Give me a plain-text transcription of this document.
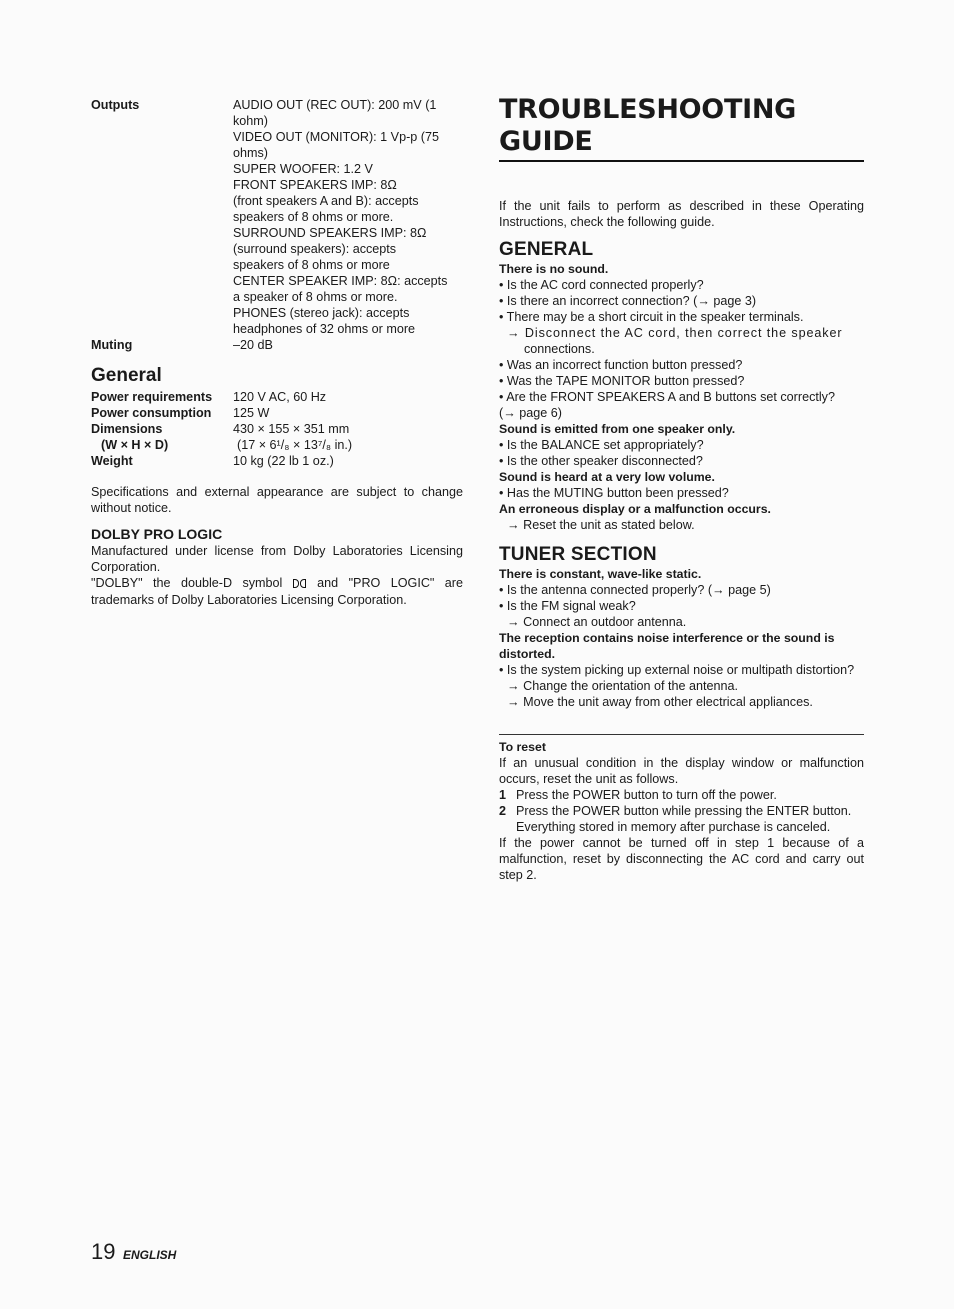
Outputs	AUDIO OUT (REC OUT): 200 mV (1
kohm)
VIDEO OUT (MONITOR): 1 Vp-p (75
ohms)
SUPER WOOFER: 1.2 V
FRONT SPEAKERS IMP: 8Ω
(front speakers A and B): accepts
speakers of 8 ohms or more.
SURROUND SPEAKERS IMP: 8Ω
(surround speakers): accepts
speakers of 8 ohms or more
CENTER SPEAKER IMP: 8Ω: accepts
a speaker of 8 ohms or more.
PHONES (stereo jack): accepts
headphones of 32 ohms or more
Muting	–20 dB
General
Power requirements	120 V AC, 60 Hz
Power consumption	125 W
Dimensions	430 × 155 × 351 mm
(W × H × D)	(17 × 6¹/₈ × 13⁷/₈ in.)
Weight	10 kg (22 lb 1 oz.)
Specifications and external appearance are subject to change without notice.
DOLBY PRO LOGIC
Manufactured under license from Dolby Laboratories Licensing Corporation.
"DOLBY" the double-D symbol	and "PRO LOGIC" are trademarks of Dolby Laboratories Licensing Corporation.
TROUBLESHOOTING GUIDE
If the unit fails to perform as described in these Operating Instructions, check the following guide.
GENERAL
There is no sound.
• Is the AC cord connected properly?
• Is there an incorrect connection? (→ page 3)
• There may be a short circuit in the speaker terminals.
→ Disconnect the AC cord, then correct the speaker
connections.
• Was an incorrect function button pressed?
• Was the TAPE MONITOR button pressed?
• Are the FRONT SPEAKERS A and B buttons set correctly?
(→ page 6)
Sound is emitted from one speaker only.
• Is the BALANCE set appropriately?
• Is the other speaker disconnected?
Sound is heard at a very low volume.
• Has the MUTING button been pressed?
An erroneous display or a malfunction occurs.
→ Reset the unit as stated below.
TUNER SECTION
There is constant, wave-like static.
• Is the antenna connected properly? (→ page 5)
• Is the FM signal weak?
→ Connect an outdoor antenna.
The reception contains noise interference or the sound is distorted.
• Is the system picking up external noise or multipath distortion?
→ Change the orientation of the antenna.
→ Move the unit away from other electrical appliances.
To reset
If an unusual condition in the display window or malfunction occurs, reset the unit as follows.
1 Press the POWER button to turn off the power.
2 Press the POWER button while pressing the ENTER button. Everything stored in memory after purchase is canceled.
If the power cannot be turned off in step 1 because of a malfunction, reset by disconnecting the AC cord and carry out step 2.
19 ENGLISH
